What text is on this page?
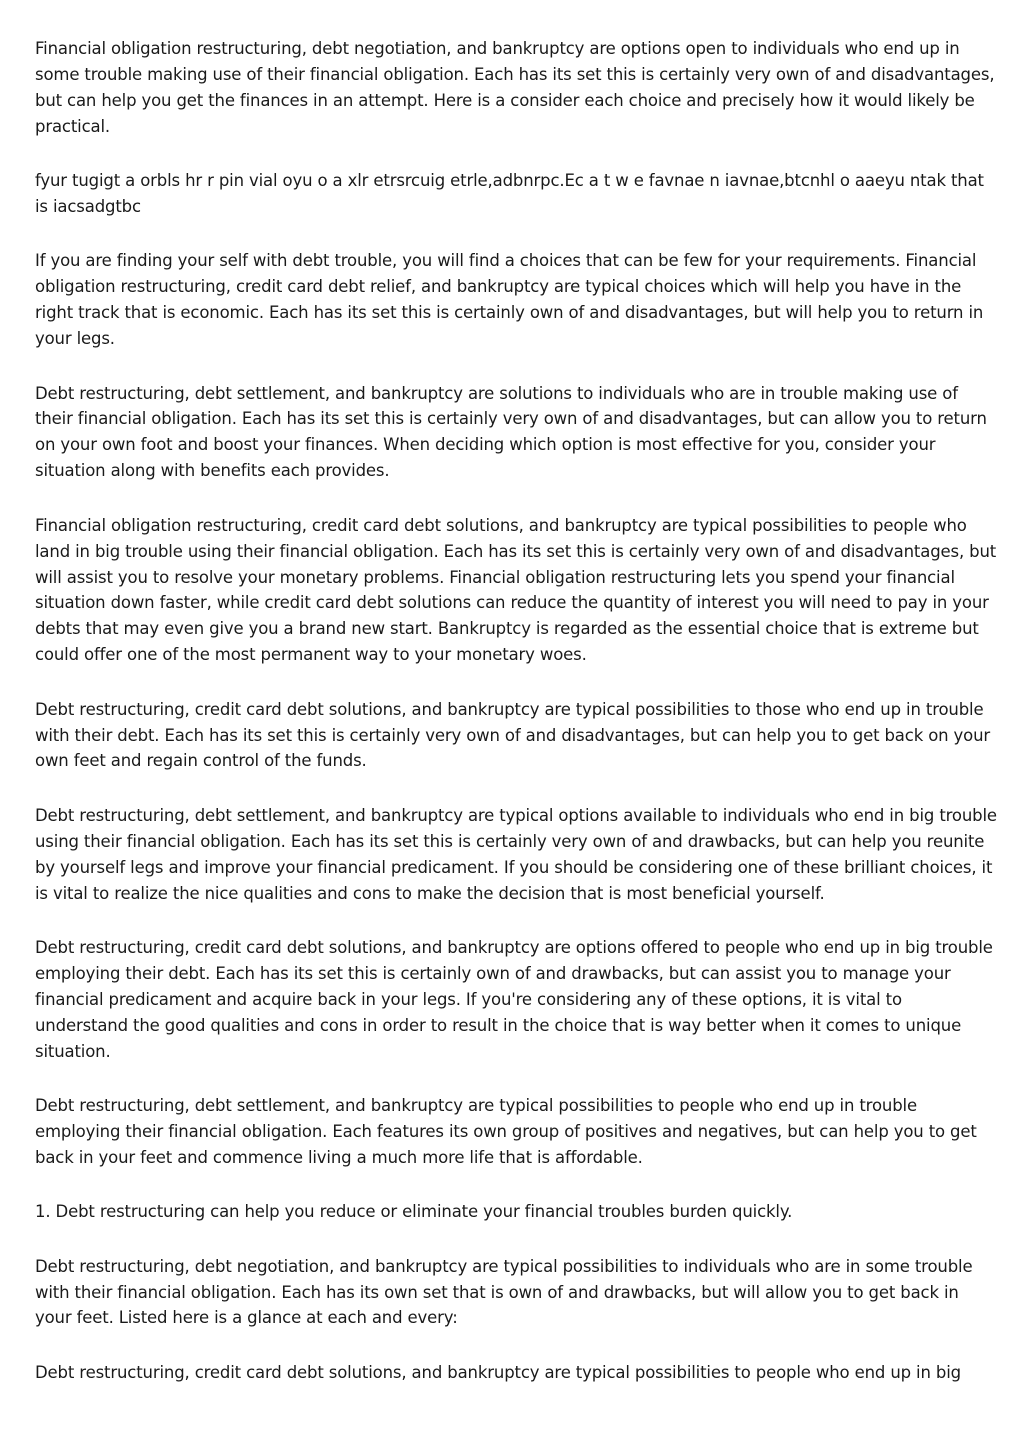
Financial obligation restructuring, debt negotiation, and bankruptcy are options open to individuals who end up in some trouble making use of their financial obligation. Each has its set this is certainly very own of and disadvantages, but can help you get the finances in an attempt. Here is a consider each choice and precisely how it would likely be practical.

fyur tugigt a orbls hr r pin vial oyu o a xlr etrsrcuig etrle,adbnrpc.Ec a t w e favnae n iavnae,btcnhl o aaeyu ntak that is iacsadgtbc

If you are finding your self with debt trouble, you will find a choices that can be few for your requirements. Financial obligation restructuring, credit card debt relief, and bankruptcy are typical choices which will help you have in the right track that is economic. Each has its set this is certainly own of and disadvantages, but will help you to return in your legs.

Debt restructuring, debt settlement, and bankruptcy are solutions to individuals who are in trouble making use of their financial obligation. Each has its set this is certainly very own of and disadvantages, but can allow you to return on your own foot and boost your finances. When deciding which option is most effective for you, consider your situation along with benefits each provides.

Financial obligation restructuring, credit card debt solutions, and bankruptcy are typical possibilities to people who land in big trouble using their financial obligation. Each has its set this is certainly very own of and disadvantages, but will assist you to resolve your monetary problems. Financial obligation restructuring lets you spend your financial situation down faster, while credit card debt solutions can reduce the quantity of interest you will need to pay in your debts that may even give you a brand new start. Bankruptcy is regarded as the essential choice that is extreme but could offer one of the most permanent way to your monetary woes.

Debt restructuring, credit card debt solutions, and bankruptcy are typical possibilities to those who end up in trouble with their debt. Each has its set this is certainly very own of and disadvantages, but can help you to get back on your own feet and regain control of the funds.

Debt restructuring, debt settlement, and bankruptcy are typical options available to individuals who end in big trouble using their financial obligation. Each has its set this is certainly very own of and drawbacks, but can help you reunite by yourself legs and improve your financial predicament. If you should be considering one of these brilliant choices, it is vital to realize the nice qualities and cons to make the decision that is most beneficial yourself.

Debt restructuring, credit card debt solutions, and bankruptcy are options offered to people who end up in big trouble employing their debt. Each has its set this is certainly own of and drawbacks, but can assist you to manage your financial predicament and acquire back in your legs. If you're considering any of these options, it is vital to understand the good qualities and cons in order to result in the choice that is way better when it comes to unique situation.

Debt restructuring, debt settlement, and bankruptcy are typical possibilities to people who end up in trouble employing their financial obligation. Each features its own group of positives and negatives, but can help you to get back in your feet and commence living a much more life that is affordable.

1. Debt restructuring can help you reduce or eliminate your financial troubles burden quickly.

Debt restructuring, debt negotiation, and bankruptcy are typical possibilities to individuals who are in some trouble with their financial obligation. Each has its own set that is own of and drawbacks, but will allow you to get back in your feet. Listed here is a glance at each and every:

Debt restructuring, credit card debt solutions, and bankruptcy are typical possibilities to people who end up in big
